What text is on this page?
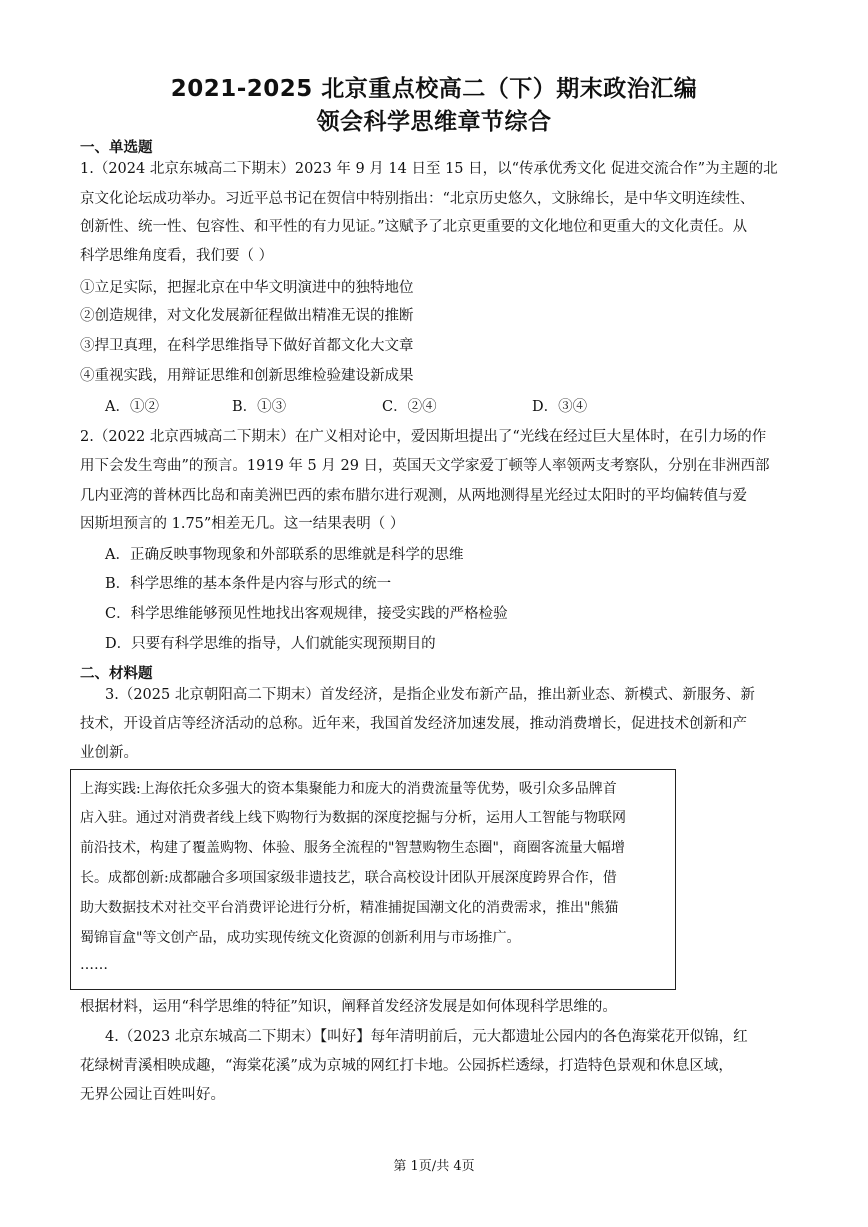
2021-2025 北京重点校高二（下）期末政治汇编
领会科学思维章节综合
一、单选题
1.（2024 北京东城高二下期末）2023 年 9 月 14 日至 15 日，以“传承优秀文化 促进交流合作”为主题的北
京文化论坛成功举办。习近平总书记在贺信中特别指出：“北京历史悠久，文脉绵长，是中华文明连续性、
创新性、统一性、包容性、和平性的有力见证。”这赋予了北京更重要的文化地位和更重大的文化责任。从
科学思维角度看，我们要（ ）
①立足实际，把握北京在中华文明演进中的独特地位
②创造规律，对文化发展新征程做出精准无误的推断
③捍卫真理，在科学思维指导下做好首都文化大文章
④重视实践，用辩证思维和创新思维检验建设新成果
A．①②	B．①③	C．②④	D．③④
2.（2022 北京西城高二下期末）在广义相对论中，爱因斯坦提出了“光线在经过巨大星体时，在引力场的作
用下会发生弯曲”的预言。1919 年 5 月 29 日，英国天文学家爱丁顿等人率领两支考察队，分别在非洲西部
几内亚湾的普林西比岛和南美洲巴西的索布腊尔进行观测，从两地测得星光经过太阳时的平均偏转值与爱
因斯坦预言的 1.75”相差无几。这一结果表明（ ）
A．正确反映事物现象和外部联系的思维就是科学的思维
B．科学思维的基本条件是内容与形式的统一
C．科学思维能够预见性地找出客观规律，接受实践的严格检验
D．只要有科学思维的指导，人们就能实现预期目的
二、材料题
3.（2025 北京朝阳高二下期末）首发经济，是指企业发布新产品，推出新业态、新模式、新服务、新
技术，开设首店等经济活动的总称。近年来，我国首发经济加速发展，推动消费增长，促进技术创新和产
业创新。
上海实践:上海依托众多强大的资本集聚能力和庞大的消费流量等优势，吸引众多品牌首
店入驻。通过对消费者线上线下购物行为数据的深度挖掘与分析，运用人工智能与物联网
前沿技术，构建了覆盖购物、体验、服务全流程的"智慧购物生态圈"，商圈客流量大幅增
长。成都创新:成都融合多项国家级非遗技艺，联合高校设计团队开展深度跨界合作，借
助大数据技术对社交平台消费评论进行分析，精准捕捉国潮文化的消费需求，推出"熊猫
蜀锦盲盒"等文创产品，成功实现传统文化资源的创新利用与市场推广。
……
根据材料，运用“科学思维的特征”知识，阐释首发经济发展是如何体现科学思维的。
4.（2023 北京东城高二下期末）【叫好】每年清明前后，元大都遗址公园内的各色海棠花开似锦，红
花绿树青溪相映成趣，“海棠花溪”成为京城的网红打卡地。公园拆栏透绿，打造特色景观和休息区域，
无界公园让百姓叫好。
第 1页/共 4页
